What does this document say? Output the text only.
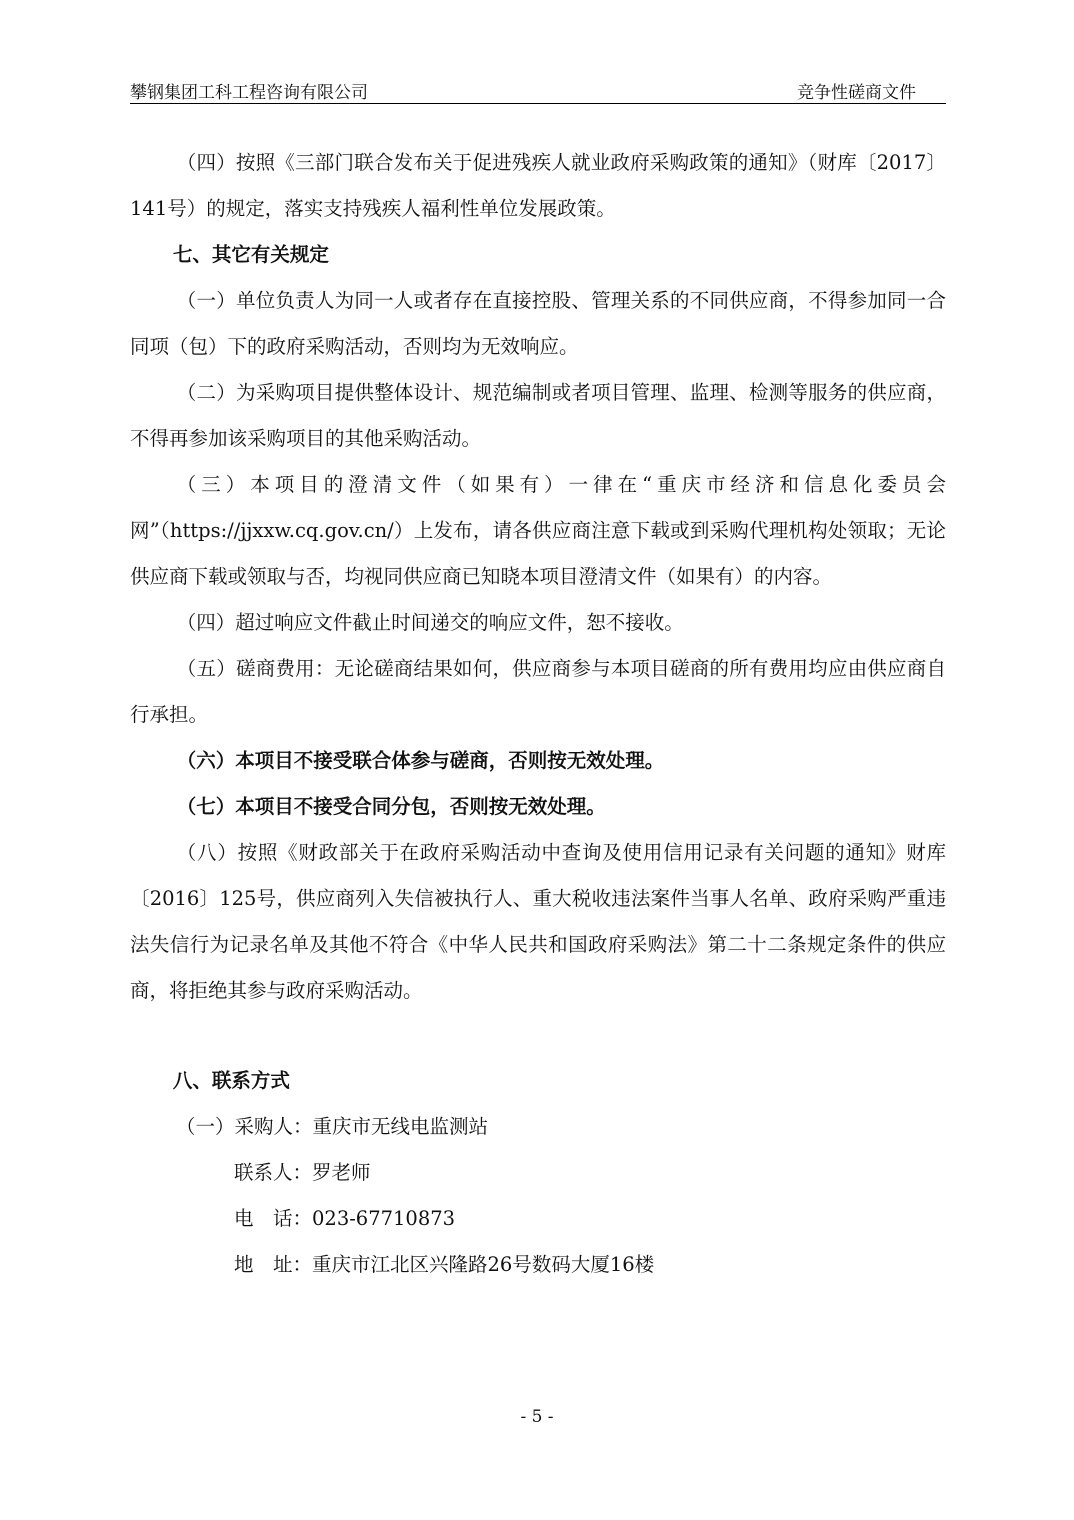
攀钢集团工科工程咨询有限公司	竞争性磋商文件

（四）按照《三部门联合发布关于促进残疾人就业政府采购政策的通知》（财库〔2017〕 141号）的规定，落实支持残疾人福利性单位发展政策。

七、其它有关规定

（一）单位负责人为同一人或者存在直接控股、管理关系的不同供应商，不得参加同一合同项（包）下的政府采购活动，否则均为无效响应。

（二）为采购项目提供整体设计、规范编制或者项目管理、监理、检测等服务的供应商，不得再参加该采购项目的其他采购活动。

（三）本项目的澄清文件（如果有）一律在“重庆市经济和信息化委员会网”（https://jjxxw.cq.gov.cn/）上发布，请各供应商注意下载或到采购代理机构处领取；无论供应商下载或领取与否，均视同供应商已知晓本项目澄清文件（如果有）的内容。

（四）超过响应文件截止时间递交的响应文件，恕不接收。

（五）磋商费用：无论磋商结果如何，供应商参与本项目磋商的所有费用均应由供应商自行承担。

（六）本项目不接受联合体参与磋商，否则按无效处理。

（七）本项目不接受合同分包，否则按无效处理。

（八）按照《财政部关于在政府采购活动中查询及使用信用记录有关问题的通知》财库〔2016〕125号，供应商列入失信被执行人、重大税收违法案件当事人名单、政府采购严重违法失信行为记录名单及其他不符合《中华人民共和国政府采购法》第二十二条规定条件的供应商，将拒绝其参与政府采购活动。

八、联系方式

（一）采购人：重庆市无线电监测站

联系人：罗老师

电　话：023-67710873

地　址：重庆市江北区兴隆路26号数码大厦16楼

- 5 -
